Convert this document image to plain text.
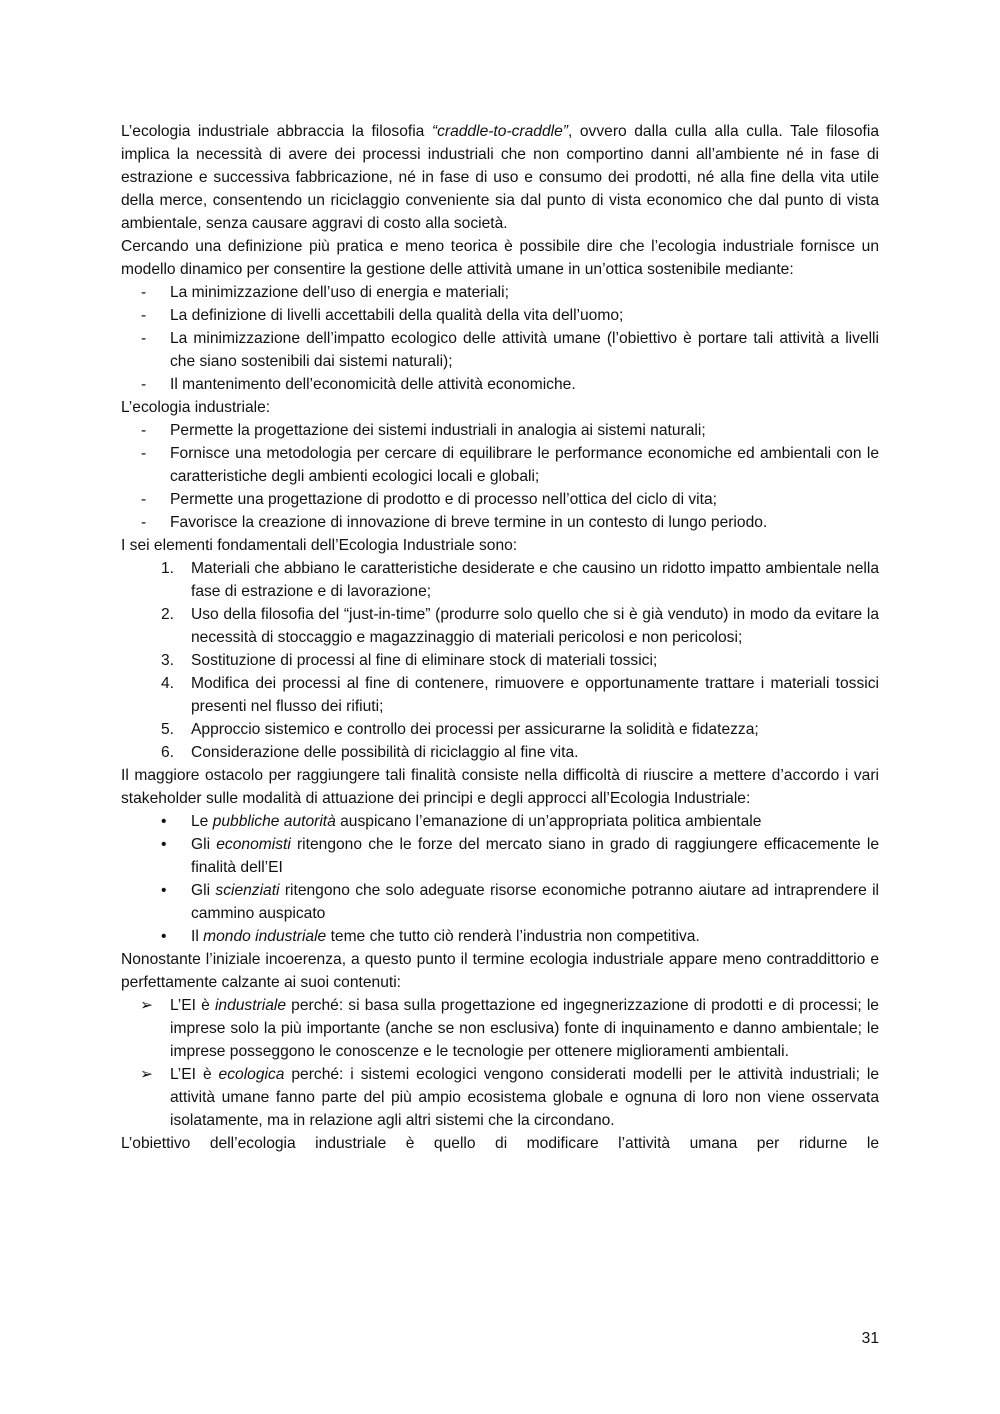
L’ecologia industriale abbraccia la filosofia “craddle-to-craddle”, ovvero dalla culla alla culla. Tale filosofia implica la necessità di avere dei processi industriali che non comportino danni all’ambiente né in fase di estrazione e successiva fabbricazione, né in fase di uso e consumo dei prodotti, né alla fine della vita utile della merce, consentendo un riciclaggio conveniente sia dal punto di vista economico che dal punto di vista ambientale, senza causare aggravi di costo alla società.

Cercando una definizione più pratica e meno teorica è possibile dire che l’ecologia industriale fornisce un modello dinamico per consentire la gestione delle attività umane in un’ottica sostenibile mediante:

- La minimizzazione dell’uso di energia e materiali;
- La definizione di livelli accettabili della qualità della vita dell’uomo;
- La minimizzazione dell’impatto ecologico delle attività umane (l’obiettivo è portare tali attività a livelli che siano sostenibili dai sistemi naturali);
- Il mantenimento dell’economicità delle attività economiche.

L’ecologia industriale:

- Permette la progettazione dei sistemi industriali in analogia ai sistemi naturali;
- Fornisce una metodologia per cercare di equilibrare le performance economiche ed ambientali con le caratteristiche degli ambienti ecologici locali e globali;
- Permette una progettazione di prodotto e di processo nell’ottica del ciclo di vita;
- Favorisce la creazione di innovazione di breve termine in un contesto di lungo periodo.

I sei elementi fondamentali dell’Ecologia Industriale sono:

1. Materiali che abbiano le caratteristiche desiderate e che causino un ridotto impatto ambientale nella fase di estrazione e di lavorazione;
2. Uso della filosofia del “just-in-time” (produrre solo quello che si è già venduto) in modo da evitare la necessità di stoccaggio e magazzinaggio di materiali pericolosi e non pericolosi;
3. Sostituzione di processi al fine di eliminare stock di materiali tossici;
4. Modifica dei processi al fine di contenere, rimuovere e opportunamente trattare i materiali tossici presenti nel flusso dei rifiuti;
5. Approccio sistemico e controllo dei processi per assicurarne la solidità e fidatezza;
6. Considerazione delle possibilità di riciclaggio al fine vita.

Il maggiore ostacolo per raggiungere tali finalità consiste nella difficoltà di riuscire a mettere d’accordo i vari stakeholder sulle modalità di attuazione dei principi e degli approcci all’Ecologia Industriale:

• Le pubbliche autorità auspicano l’emanazione di un’appropriata politica ambientale
• Gli economisti ritengono che le forze del mercato siano in grado di raggiungere efficacemente le finalità dell’EI
• Gli scienziati ritengono che solo adeguate risorse economiche potranno aiutare ad intraprendere il cammino auspicato
• Il mondo industriale teme che tutto ciò renderà l’industria non competitiva.

Nonostante l’iniziale incoerenza, a questo punto il termine ecologia industriale appare meno contraddittorio e perfettamente calzante ai suoi contenuti:

➢ L’EI è industriale perché: si basa sulla progettazione ed ingegnerizzazione di prodotti e di processi; le imprese solo la più importante (anche se non esclusiva) fonte di inquinamento e danno ambientale; le imprese posseggono le conoscenze e le tecnologie per ottenere miglioramenti ambientali.
➢ L’EI è ecologica perché: i sistemi ecologici vengono considerati modelli per le attività industriali; le attività umane fanno parte del più ampio ecosistema globale e ognuna di loro non viene osservata isolatamente, ma in relazione agli altri sistemi che la circondano.

L’obiettivo dell’ecologia industriale è quello di modificare l’attività umana per ridurne le

31
